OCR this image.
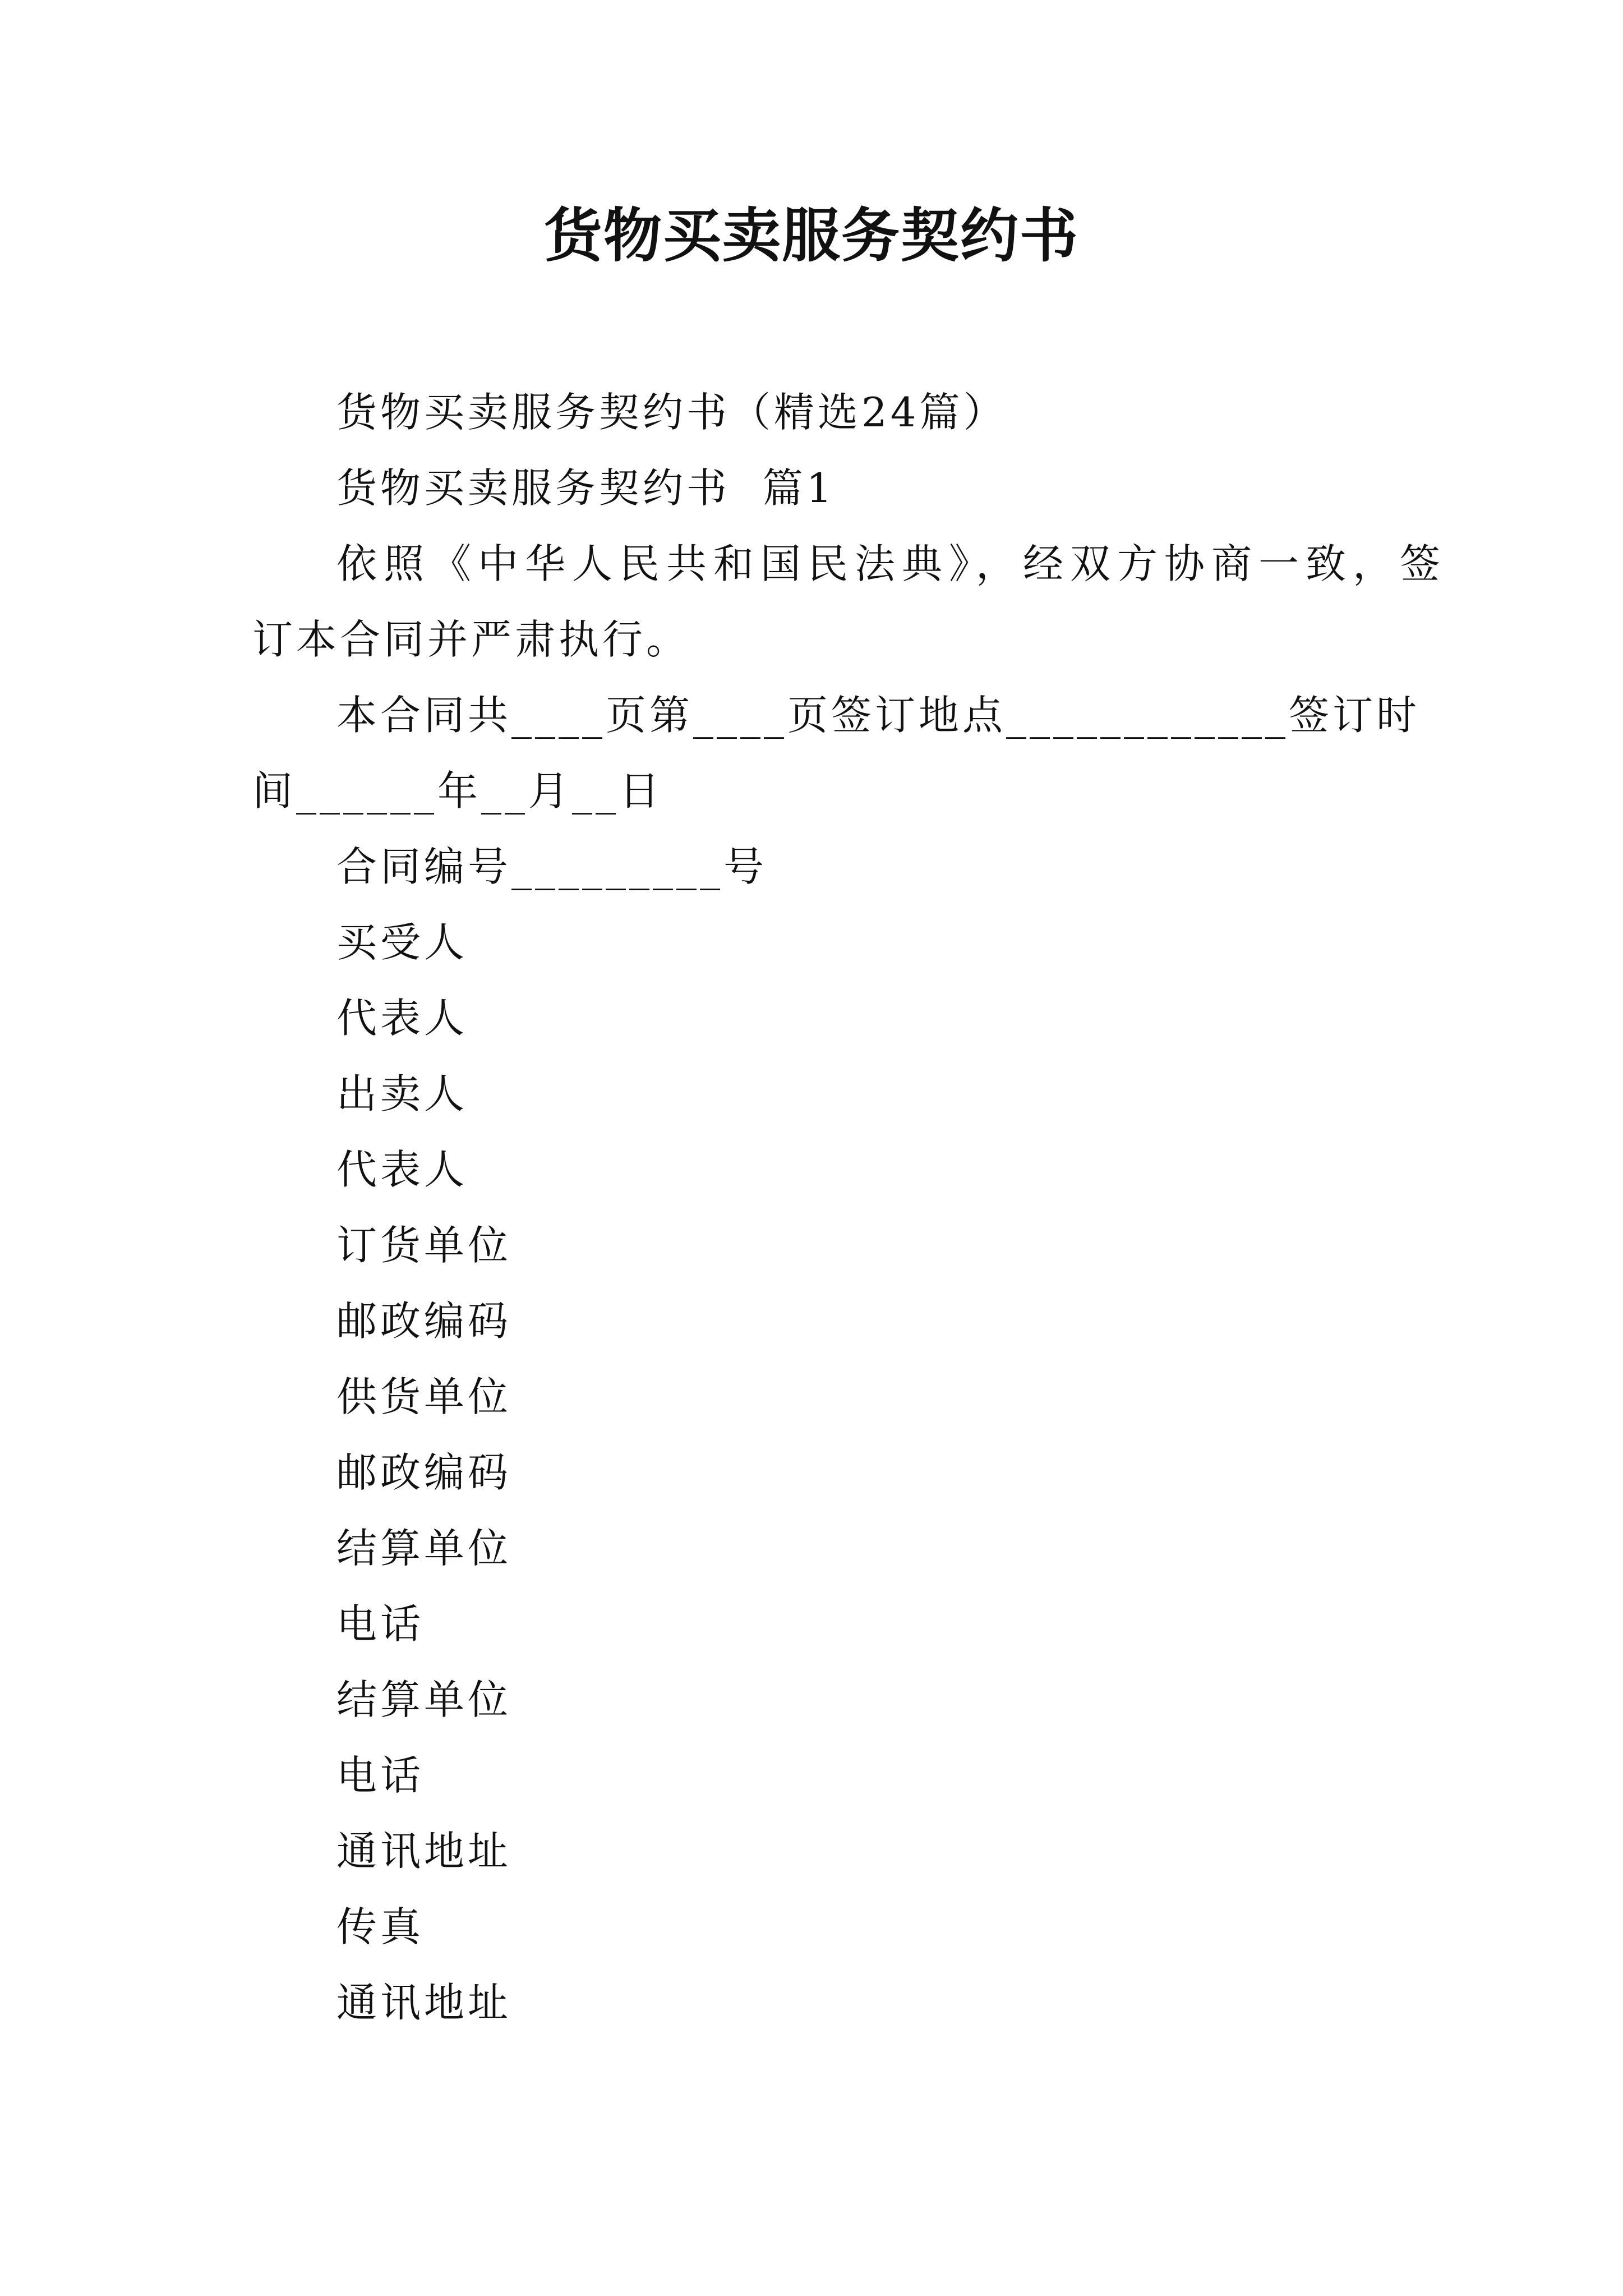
货物买卖服务契约书

货物买卖服务契约书（精选24篇）

货物买卖服务契约书  篇1

依照《中华人民共和国民法典》，经双方协商一致，签

订本合同并严肃执行。

本合同共____页第____页签订地点____________签订时

间______年__月__日

合同编号_________号

买受人

代表人

出卖人

代表人

订货单位

邮政编码

供货单位

邮政编码

结算单位

电话

结算单位

电话

通讯地址

传真

通讯地址
